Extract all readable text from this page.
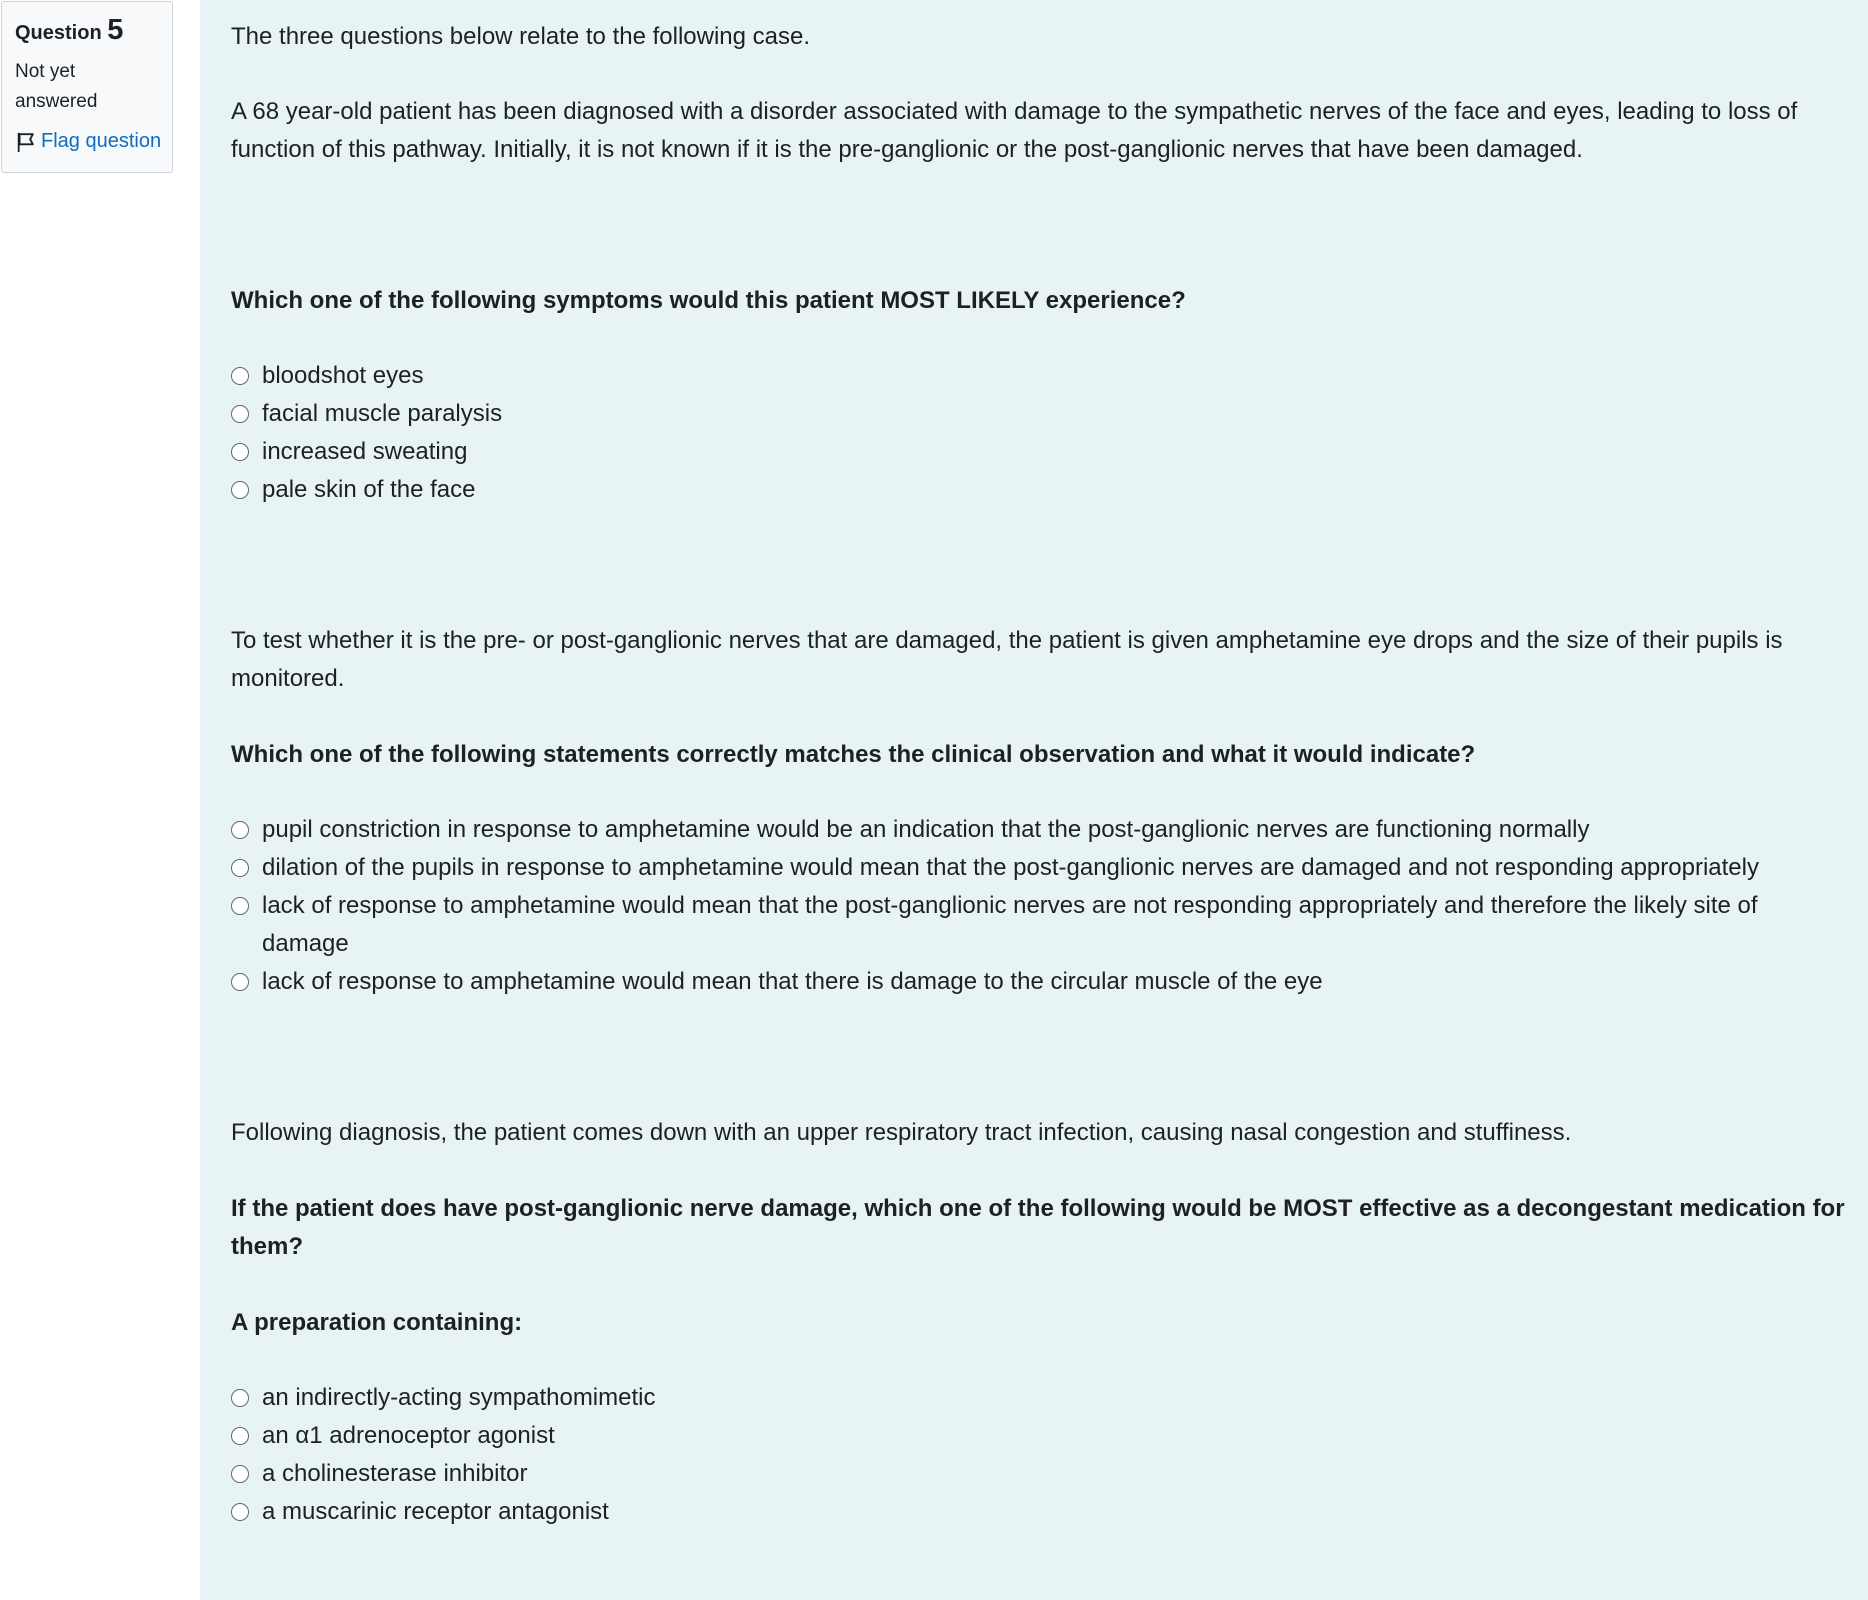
Question 5
Not yet answered
Flag question

The three questions below relate to the following case.

A 68 year-old patient has been diagnosed with a disorder associated with damage to the sympathetic nerves of the face and eyes, leading to loss of function of this pathway. Initially, it is not known if it is the pre-ganglionic or the post-ganglionic nerves that have been damaged.

Which one of the following symptoms would this patient MOST LIKELY experience?

bloodshot eyes
facial muscle paralysis
increased sweating
pale skin of the face

To test whether it is the pre- or post-ganglionic nerves that are damaged, the patient is given amphetamine eye drops and the size of their pupils is monitored.

Which one of the following statements correctly matches the clinical observation and what it would indicate?

pupil constriction in response to amphetamine would be an indication that the post-ganglionic nerves are functioning normally
dilation of the pupils in response to amphetamine would mean that the post-ganglionic nerves are damaged and not responding appropriately
lack of response to amphetamine would mean that the post-ganglionic nerves are not responding appropriately and therefore the likely site of damage
lack of response to amphetamine would mean that there is damage to the circular muscle of the eye

Following diagnosis, the patient comes down with an upper respiratory tract infection, causing nasal congestion and stuffiness.

If the patient does have post-ganglionic nerve damage, which one of the following would be MOST effective as a decongestant medication for them?

A preparation containing:

an indirectly-acting sympathomimetic
an α1 adrenoceptor agonist
a cholinesterase inhibitor
a muscarinic receptor antagonist
